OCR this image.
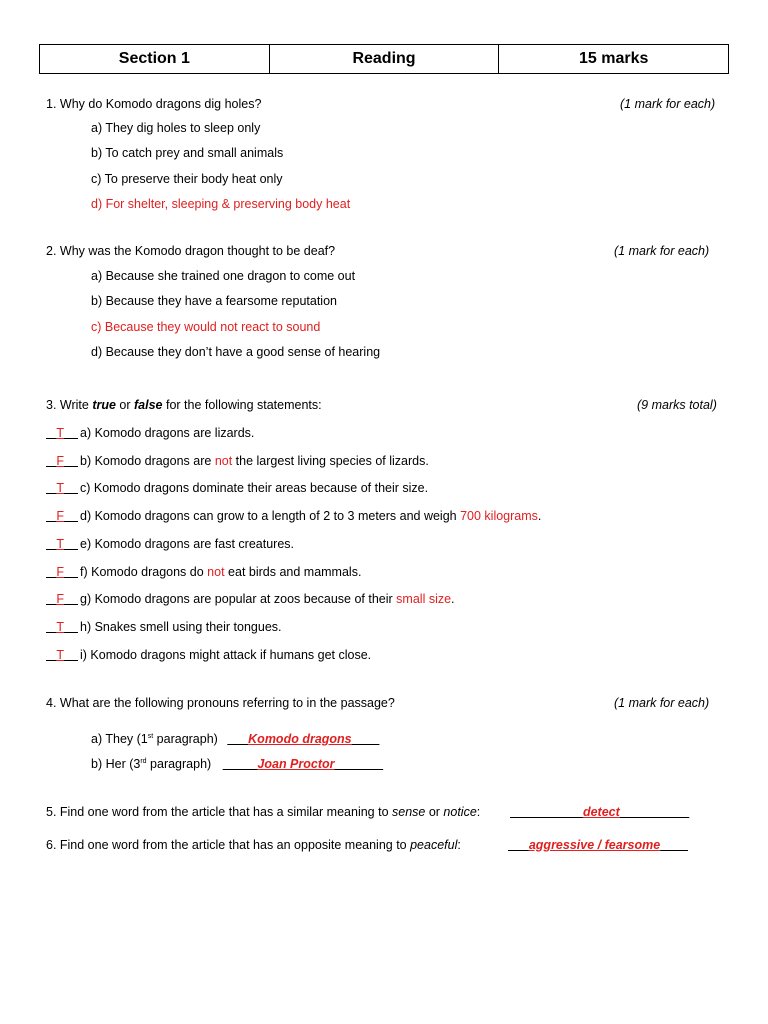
Section 1	Reading	15 marks
1. Why do Komodo dragons dig holes?	(1 mark for each)
a) They dig holes to sleep only
b) To catch prey and small animals
c) To preserve their body heat only
d) For shelter, sleeping & preserving body heat
2. Why was the Komodo dragon thought to be deaf?	(1 mark for each)
a) Because she trained one dragon to come out
b) Because they have a fearsome reputation
c) Because they would not react to sound
d) Because they don’t have a good sense of hearing
3. Write true or false for the following statements:	(9 marks total)
T a) Komodo dragons are lizards.
F b) Komodo dragons are not the largest living species of lizards.
T c) Komodo dragons dominate their areas because of their size.
F d) Komodo dragons can grow to a length of 2 to 3 meters and weigh 700 kilograms.
T e) Komodo dragons are fast creatures.
F f) Komodo dragons do not eat birds and mammals.
F g) Komodo dragons are popular at zoos because of their small size.
T h) Snakes smell using their tongues.
T i) Komodo dragons might attack if humans get close.
4. What are the following pronouns referring to in the passage?	(1 mark for each)
a) They (1st paragraph) Komodo dragons
b) Her (3rd paragraph)	Joan Proctor
5. Find one word from the article that has a similar meaning to sense or notice:	detect
6. Find one word from the article that has an opposite meaning to peaceful:	aggressive / fearsome
